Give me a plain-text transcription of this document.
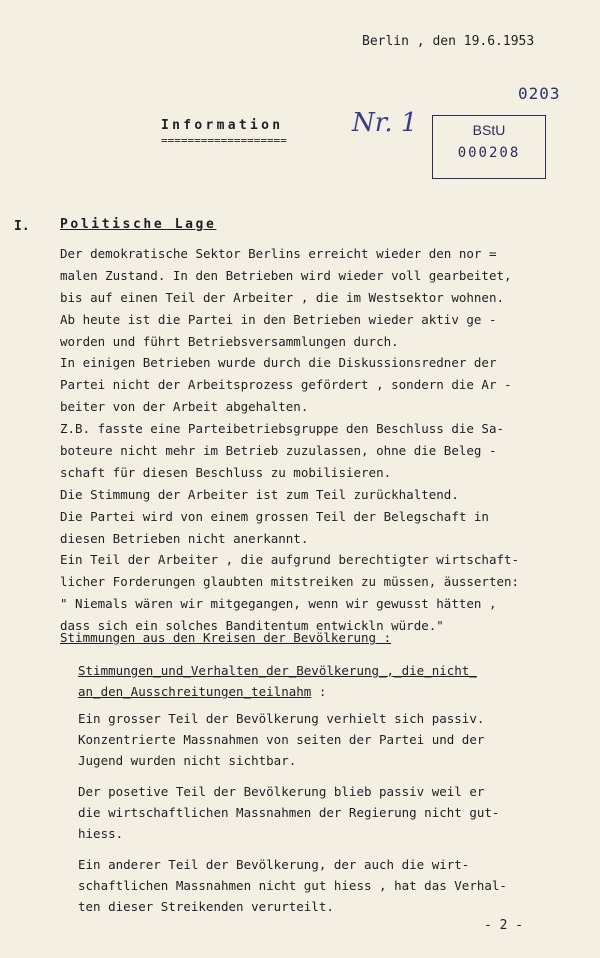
Berlin , den 19.6.1953
0203
Information
===================
Nr. 1	BStU
000208
I. Politische Lage
Der demokratische Sektor Berlins erreicht wieder den nor =
malen Zustand. In den Betrieben wird wieder voll gearbeitet,
bis auf einen Teil der Arbeiter , die im Westsektor wohnen.
Ab heute ist die Partei in den Betrieben wieder aktiv ge -
worden und führt Betriebsversammlungen durch.
In einigen Betrieben wurde durch die Diskussionsredner der
Partei nicht der Arbeitsprozess gefördert , sondern die Ar -
beiter von der Arbeit abgehalten.
Z.B. fasste eine Parteibetriebsgruppe den Beschluss die Sa-
boteure nicht mehr im Betrieb zuzulassen, ohne die Beleg -
schaft für diesen Beschluss zu mobilisieren.
Die Stimmung der Arbeiter ist zum Teil zurückhaltend.
Die Partei wird von einem grossen Teil der Belegschaft in
diesen Betrieben nicht anerkannt.
Ein Teil der Arbeiter , die aufgrund berechtigter wirtschaft-
licher Forderungen glaubten mitstreiken zu müssen, äusserten:
" Niemals wären wir mitgegangen, wenn wir gewusst hätten ,
dass sich ein solches Banditentum entwickln würde."
Stimmungen aus den Kreisen der Bevölkerung :
Stimmungen_und_Verhalten_der_Bevölkerung_,_die_nicht_
an_den_Ausschreitungen_teilnahm :
Ein grosser Teil der Bevölkerung verhielt sich passiv.
Konzentrierte Massnahmen von seiten der Partei und der
Jugend wurden nicht sichtbar.
Der posetive Teil der Bevölkerung blieb passiv weil er
die wirtschaftlichen Massnahmen der Regierung nicht gut-
hiess.
Ein anderer Teil der Bevölkerung, der auch die wirt-
schaftlichen Massnahmen nicht gut hiess , hat das Verhal-
ten dieser Streikenden verurteilt.
- 2 -
